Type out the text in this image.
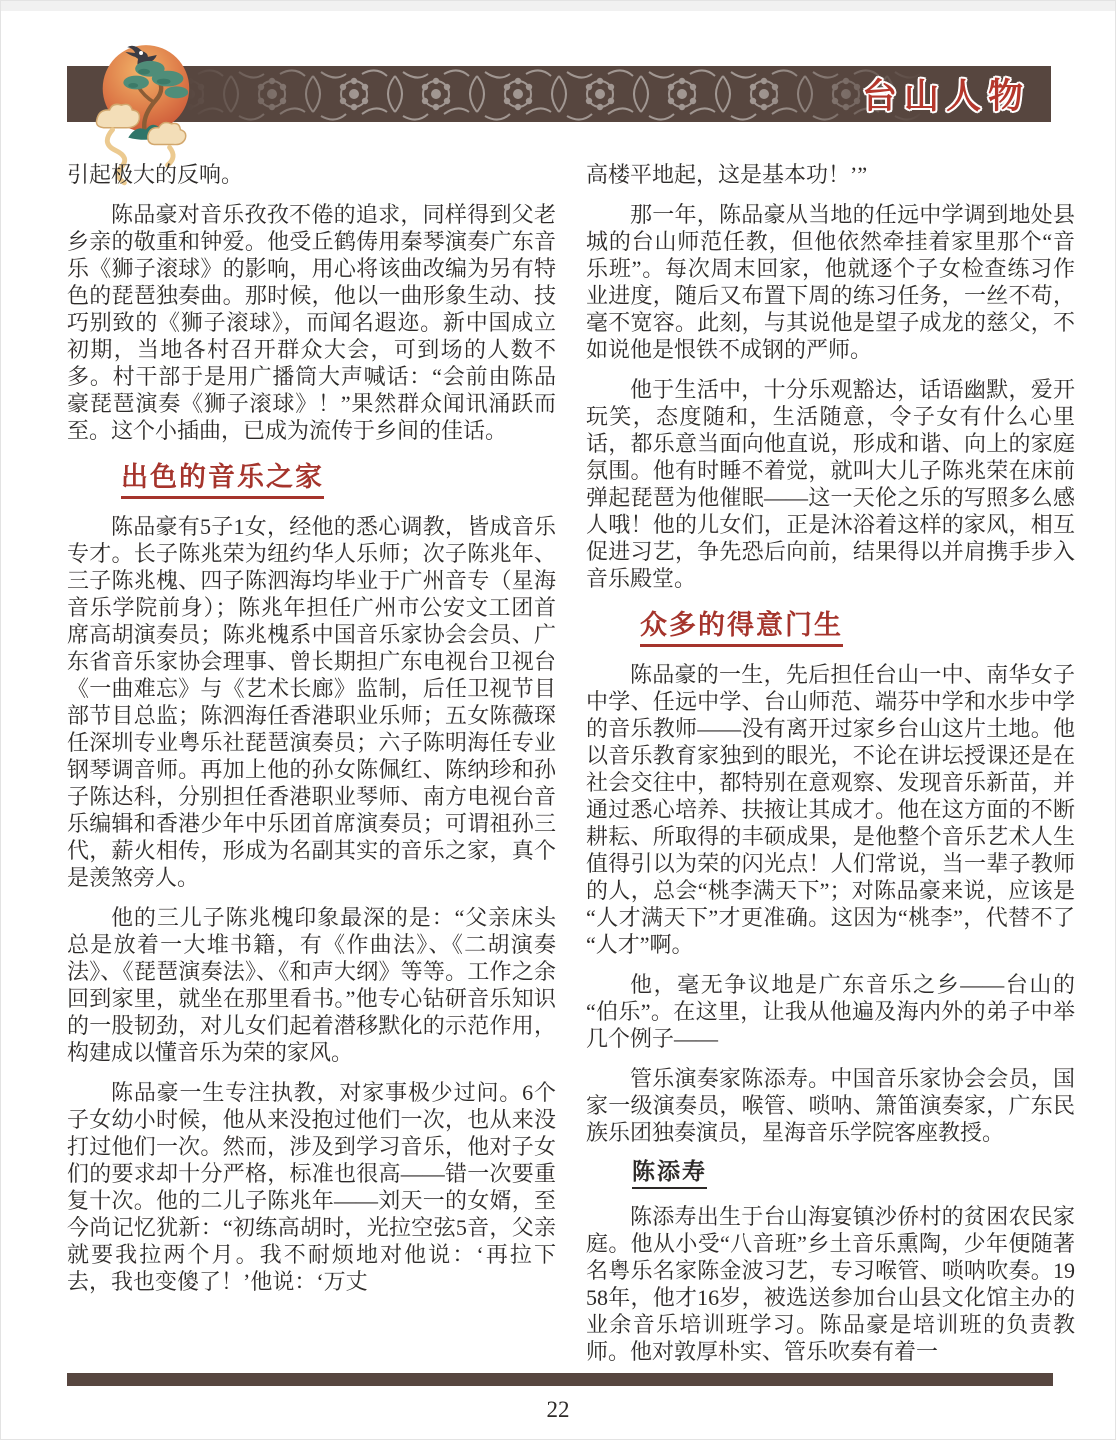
台山人物

引起极大的反响。

陈品豪对音乐孜孜不倦的追求，同样得到父老乡亲的敬重和钟爱。他受丘鹤俦用秦琴演奏广东音乐《狮子滚球》的影响，用心将该曲改编为另有特色的琵琶独奏曲。那时候，他以一曲形象生动、技巧别致的《狮子滚球》，而闻名遐迩。新中国成立初期，当地各村召开群众大会，可到场的人数不多。村干部于是用广播筒大声喊话：“会前由陈品豪琵琶演奏《狮子滚球》！”果然群众闻讯涌跃而至。这个小插曲，已成为流传于乡间的佳话。

出色的音乐之家

陈品豪有5子1女，经他的悉心调教，皆成音乐专才。长子陈兆荣为纽约华人乐师；次子陈兆年、三子陈兆槐、四子陈泗海均毕业于广州音专（星海音乐学院前身）；陈兆年担任广州市公安文工团首席高胡演奏员；陈兆槐系中国音乐家协会会员、广东省音乐家协会理事、曾长期担广东电视台卫视台《一曲难忘》与《艺术长廊》监制，后任卫视节目部节目总监；陈泗海任香港职业乐师；五女陈薇琛任深圳专业粤乐社琵琶演奏员；六子陈明海任专业钢琴调音师。再加上他的孙女陈佩红、陈纳珍和孙子陈达科，分别担任香港职业琴师、南方电视台音乐编辑和香港少年中乐团首席演奏员；可谓祖孙三代，薪火相传，形成为名副其实的音乐之家，真个是羡煞旁人。

他的三儿子陈兆槐印象最深的是：“父亲床头总是放着一大堆书籍，有《作曲法》、《二胡演奏法》、《琵琶演奏法》、《和声大纲》等等。工作之余回到家里，就坐在那里看书。”他专心钻研音乐知识的一股韧劲，对儿女们起着潜移默化的示范作用，构建成以懂音乐为荣的家风。

陈品豪一生专注执教，对家事极少过问。6个子女幼小时候，他从来没抱过他们一次，也从来没打过他们一次。然而，涉及到学习音乐，他对子女们的要求却十分严格，标准也很高——错一次要重复十次。他的二儿子陈兆年——刘天一的女婿，至今尚记忆犹新：“初练高胡时，光拉空弦5音，父亲就要我拉两个月。我不耐烦地对他说：‘再拉下去，我也变傻了！’他说：‘万丈

高楼平地起，这是基本功！’”

那一年，陈品豪从当地的任远中学调到地处县城的台山师范任教，但他依然牵挂着家里那个“音乐班”。每次周末回家，他就逐个子女检查练习作业进度，随后又布置下周的练习任务，一丝不苟，毫不宽容。此刻，与其说他是望子成龙的慈父，不如说他是恨铁不成钢的严师。

他于生活中，十分乐观豁达，话语幽默，爱开玩笑，态度随和，生活随意，令子女有什么心里话，都乐意当面向他直说，形成和谐、向上的家庭氛围。他有时睡不着觉，就叫大儿子陈兆荣在床前弹起琵琶为他催眠——这一天伦之乐的写照多么感人哦！他的儿女们，正是沐浴着这样的家风，相互促进习艺，争先恐后向前，结果得以并肩携手步入音乐殿堂。

众多的得意门生

陈品豪的一生，先后担任台山一中、南华女子中学、任远中学、台山师范、端芬中学和水步中学的音乐教师——没有离开过家乡台山这片土地。他以音乐教育家独到的眼光，不论在讲坛授课还是在社会交往中，都特别在意观察、发现音乐新苗，并通过悉心培养、扶掖让其成才。他在这方面的不断耕耘、所取得的丰硕成果，是他整个音乐艺术人生值得引以为荣的闪光点！人们常说，当一辈子教师的人，总会“桃李满天下”；对陈品豪来说，应该是“人才满天下”才更准确。这因为“桃李”，代替不了“人才”啊。

他，毫无争议地是广东音乐之乡——台山的“伯乐”。在这里，让我从他遍及海内外的弟子中举几个例子——

管乐演奏家陈添寿。中国音乐家协会会员，国家一级演奏员，喉管、唢呐、箫笛演奏家，广东民族乐团独奏演员，星海音乐学院客座教授。

陈添寿

陈添寿出生于台山海宴镇沙侨村的贫困农民家庭。他从小受“八音班”乡土音乐熏陶，少年便随著名粤乐名家陈金波习艺，专习喉管、唢呐吹奏。1958年，他才16岁，被选送参加台山县文化馆主办的业余音乐培训班学习。陈品豪是培训班的负责教师。他对敦厚朴实、管乐吹奏有着一

22
